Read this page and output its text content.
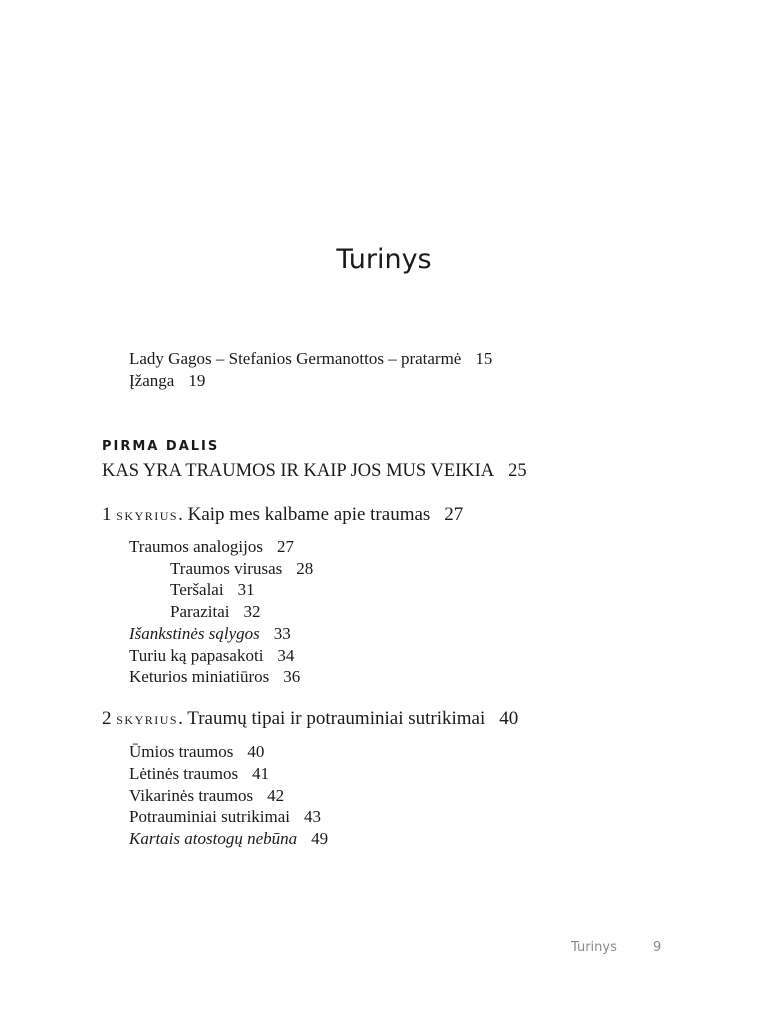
Turinys
Lady Gagos – Stefanios Germanottos – pratarmė 15
Įžanga 19
PIRMA DALIS
KAS YRA TRAUMOS IR KAIP JOS MUS VEIKIA 25
1 skyrius. Kaip mes kalbame apie traumas 27
Traumos analogijos 27
Traumos virusas 28
Teršalai 31
Parazitai 32
Išankstinės sąlygos 33
Turiu ką papasakoti 34
Keturios miniatiūros 36
2 skyrius. Traumų tipai ir potrauminiai sutrikimai 40
Ūmios traumos 40
Lėtinės traumos 41
Vikarinės traumos 42
Potrauminiai sutrikimai 43
Kartais atostogų nebūna 49
Turinys	9
